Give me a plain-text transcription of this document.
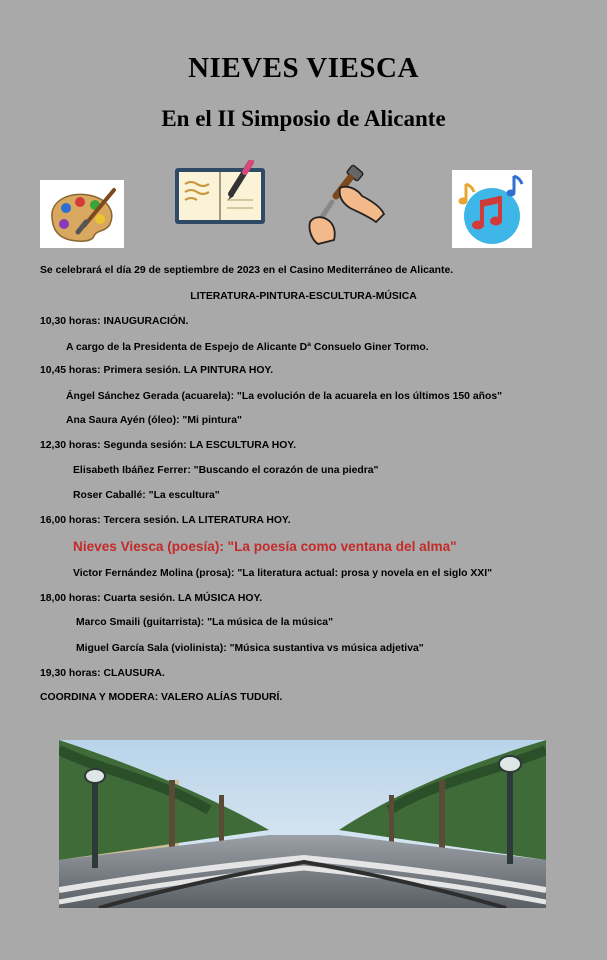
NIEVES VIESCA
En el II Simposio de Alicante
Se celebrará el día 29 de septiembre de 2023 en el Casino Mediterráneo de Alicante.
LITERATURA-PINTURA-ESCULTURA-MÚSICA
10,30 horas: INAUGURACIÓN.
A cargo de la Presidenta de Espejo de Alicante Dª Consuelo Giner Tormo.
10,45 horas: Primera sesión. LA PINTURA HOY.
Ángel Sánchez Gerada (acuarela): "La evolución de la acuarela en los últimos 150 años"
Ana Saura Ayén (óleo): "Mi pintura"
12,30 horas: Segunda sesión: LA ESCULTURA HOY.
Elisabeth Ibáñez Ferrer: "Buscando el corazón de una piedra"
Roser Caballé: "La escultura"
16,00 horas: Tercera sesión. LA LITERATURA HOY.
Nieves Viesca (poesía): "La poesía como ventana del alma"
Victor Fernández Molina (prosa): "La literatura actual: prosa y novela en el siglo XXI"
18,00 horas: Cuarta sesión. LA MÚSICA HOY.
Marco Smaili (guitarrista): "La música de la música"
Miguel García Sala (violinista): "Música sustantiva vs música adjetiva"
19,30 horas: CLAUSURA.
COORDINA Y MODERA: VALERO ALÍAS TUDURÍ.
